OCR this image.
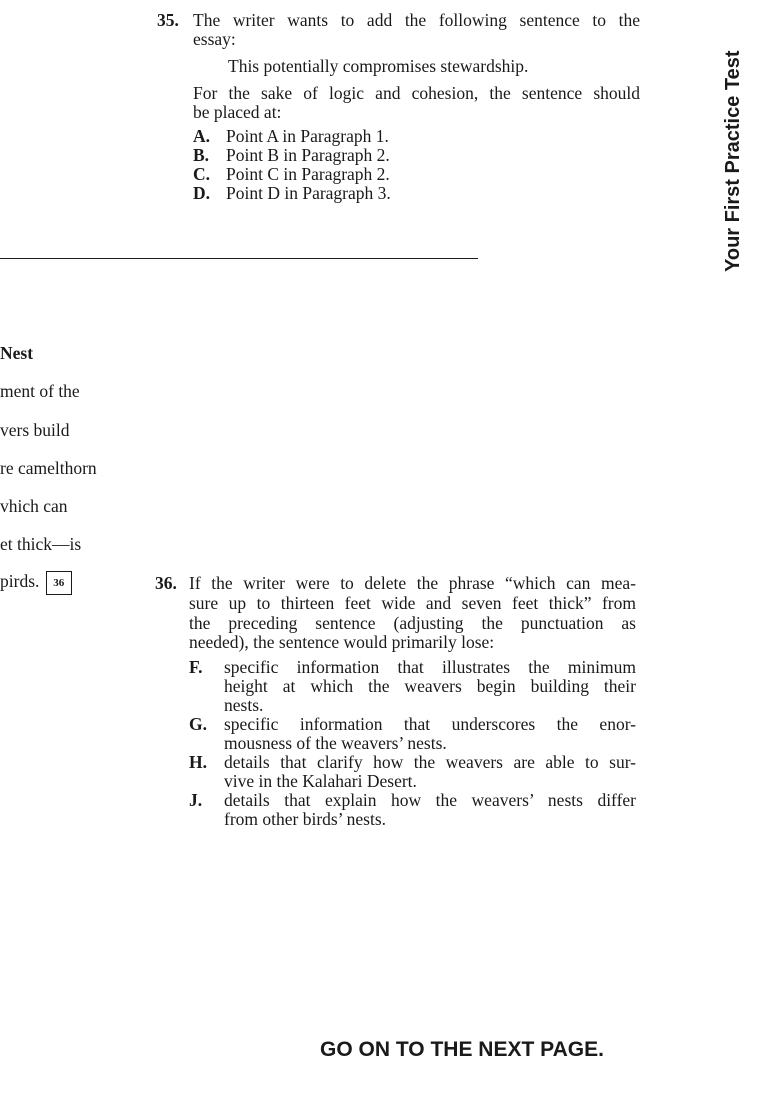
Your First Practice Test
35. The writer wants to add the following sentence to the
essay:
This potentially compromises stewardship.
For the sake of logic and cohesion, the sentence should
be placed at:
A. Point A in Paragraph 1.
B. Point B in Paragraph 2.
C. Point C in Paragraph 2.
D. Point D in Paragraph 3.
Nest
ment of the
vers build
re camelthorn
vhich can
et thick—is
pirds. 36	36. If the writer were to delete the phrase “which can mea-
sure up to thirteen feet wide and seven feet thick” from
the preceding sentence (adjusting the punctuation as
needed), the sentence would primarily lose:
F. specific information that illustrates the minimum
height at which the weavers begin building their
nests.
G. specific information that underscores the enor-
mousness of the weavers’ nests.
H. details that clarify how the weavers are able to sur-
vive in the Kalahari Desert.
J. details that explain how the weavers’ nests differ
from other birds’ nests.
GO ON TO THE NEXT PAGE.
